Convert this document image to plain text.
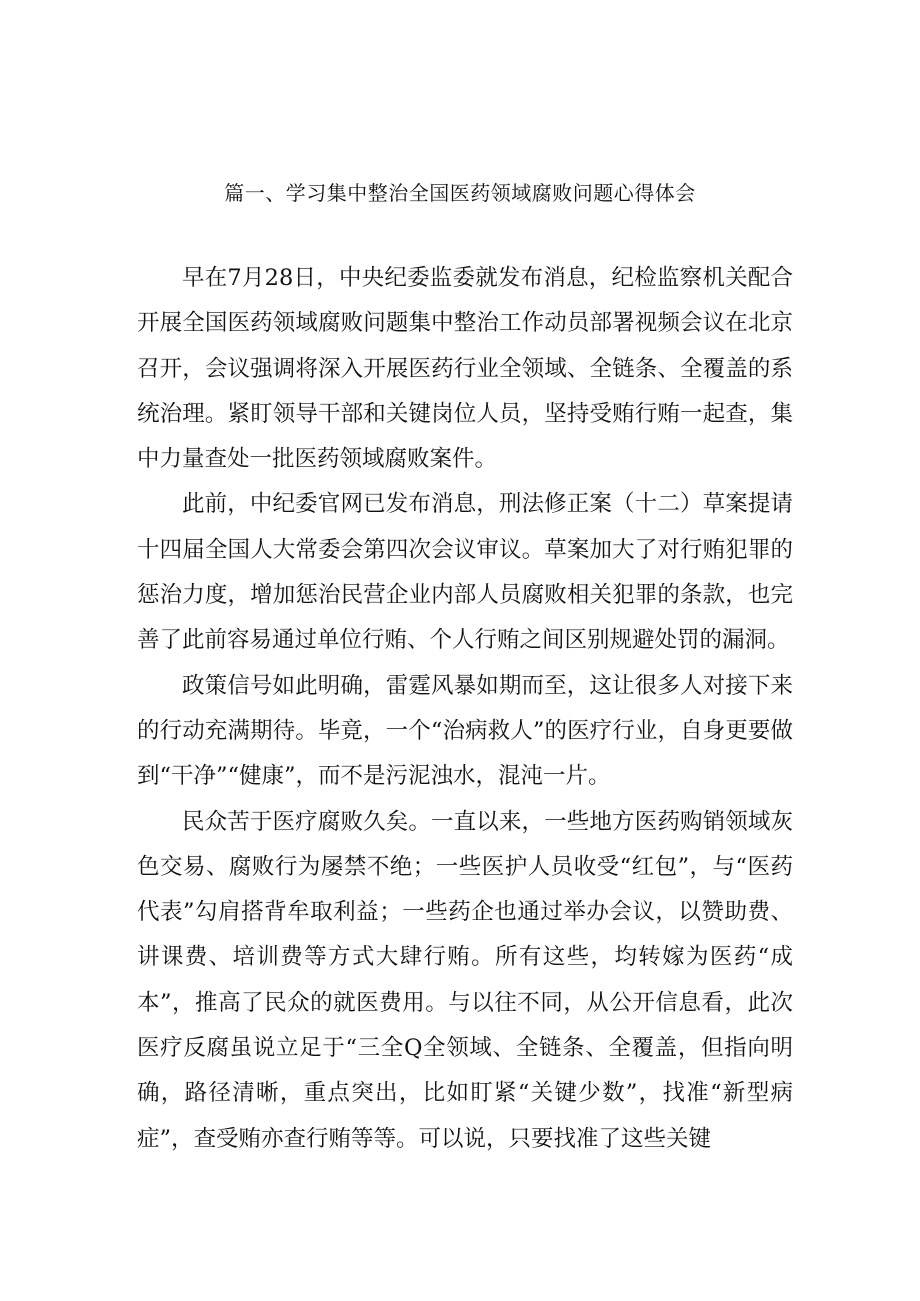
篇一、学习集中整治全国医药领域腐败问题心得体会

早在7月28日，中央纪委监委就发布消息，纪检监察机关配合开展全国医药领域腐败问题集中整治工作动员部署视频会议在北京召开，会议强调将深入开展医药行业全领域、全链条、全覆盖的系统治理。紧盯领导干部和关键岗位人员，坚持受贿行贿一起查，集中力量查处一批医药领域腐败案件。

此前，中纪委官网已发布消息，刑法修正案（十二）草案提请十四届全国人大常委会第四次会议审议。草案加大了对行贿犯罪的惩治力度，增加惩治民营企业内部人员腐败相关犯罪的条款，也完善了此前容易通过单位行贿、个人行贿之间区别规避处罚的漏洞。

政策信号如此明确，雷霆风暴如期而至，这让很多人对接下来的行动充满期待。毕竟，一个“治病救人”的医疗行业，自身更要做到“干净”“健康”，而不是污泥浊水，混沌一片。

民众苦于医疗腐败久矣。一直以来，一些地方医药购销领域灰色交易、腐败行为屡禁不绝；一些医护人员收受“红包”，与“医药代表”勾肩搭背牟取利益；一些药企也通过举办会议，以赞助费、讲课费、培训费等方式大肆行贿。所有这些，均转嫁为医药“成本”，推高了民众的就医费用。与以往不同，从公开信息看，此次医疗反腐虽说立足于“三全Q全领域、全链条、全覆盖，但指向明确，路径清晰，重点突出，比如盯紧“关键少数”，找准“新型病症”，查受贿亦查行贿等等。可以说，只要找准了这些关键
